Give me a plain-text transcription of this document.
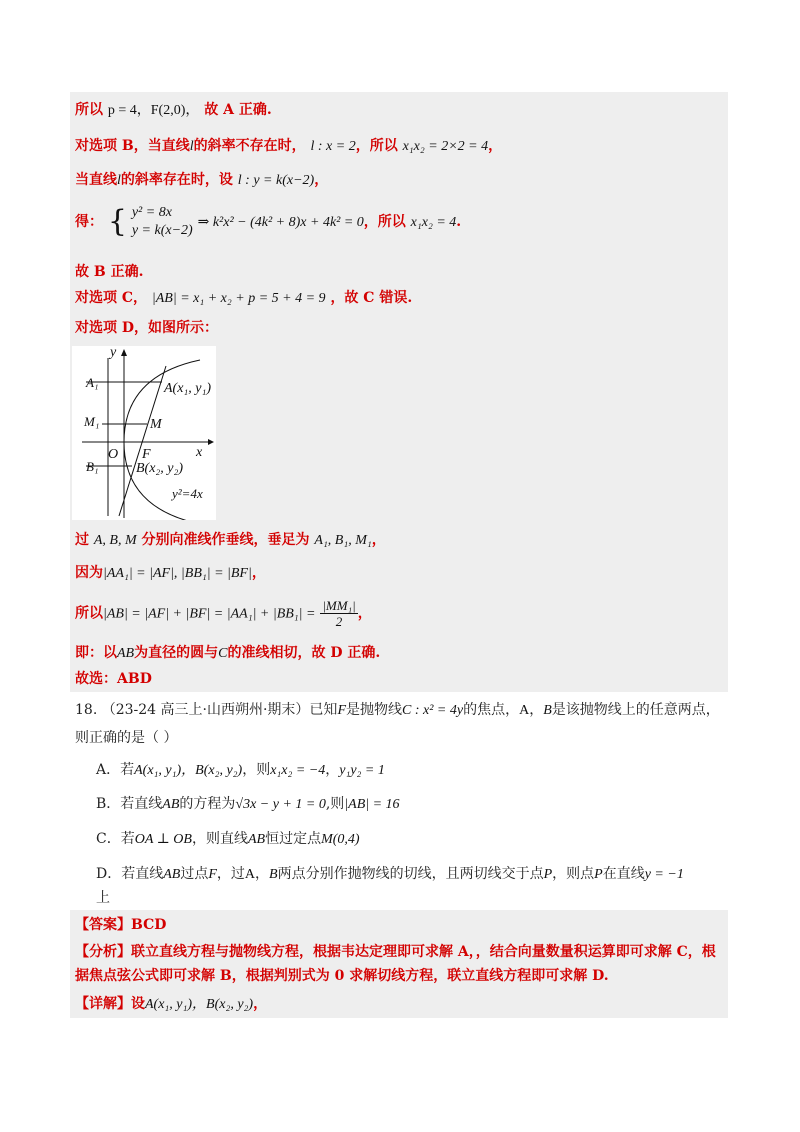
所以 p = 4，F(2,0)， 故 A 正确.
对选项 B，当直线l的斜率不存在时， l : x = 2，所以 x₁x₂ = 2×2 = 4，
当直线l的斜率存在时，设 l : y = k(x−2)，
得： { y² = 8x
y = k(x−2)
⇒ k²x² − (4k² + 8)x + 4k² = 0，所以 x₁x₂ = 4.
故 B 正确.
对选项 C， |AB| = x₁ + x₂ + p = 5 + 4 = 9 ，故 C 错误.
对选项 D，如图所示：
y
x
O F
M
A₁
M₁
B₁
A(x₁, y₁)
B(x₂, y₂)
y²=4x
过 A, B, M 分别向准线作垂线，垂足为 A₁, B₁, M₁，
因为|AA₁| = |AF|, |BB₁| = |BF|，
所以$|AB| = |AF| + |BF| = |AA_1| + |BB_1| = \frac{\text{|MM₁|}}{2}$ ，
即：以AB为直径的圆与C的准线相切，故 D 正确.
故选：ABD
18. （23-24 高三上·山西朔州·期末）已知F是抛物线C : x² = 4y的焦点，A，B是该抛物线上的任意两点，
则正确的是（ ）
A．若A(x₁, y₁)，B(x₂, y₂)，则x₁x₂ = −4，y₁y₂ = 1
B．若直线AB的方程为√3x − y + 1 = 0,则|AB| = 16
C．若OA ⊥ OB，则直线AB恒过定点M(0,4)
D．若直线AB过点F，过A，B两点分别作抛物线的切线，且两切线交于点P，则点P在直线y = −1
上
【答案】BCD
【分析】联立直线方程与抛物线方程，根据韦达定理即可求解 A，，结合向量数量积运算即可求解 C，根
据焦点弦公式即可求解 B，根据判别式为 0 求解切线方程，联立直线方程即可求解 D.
【详解】设A(x₁, y₁)，B(x₂, y₂)，
